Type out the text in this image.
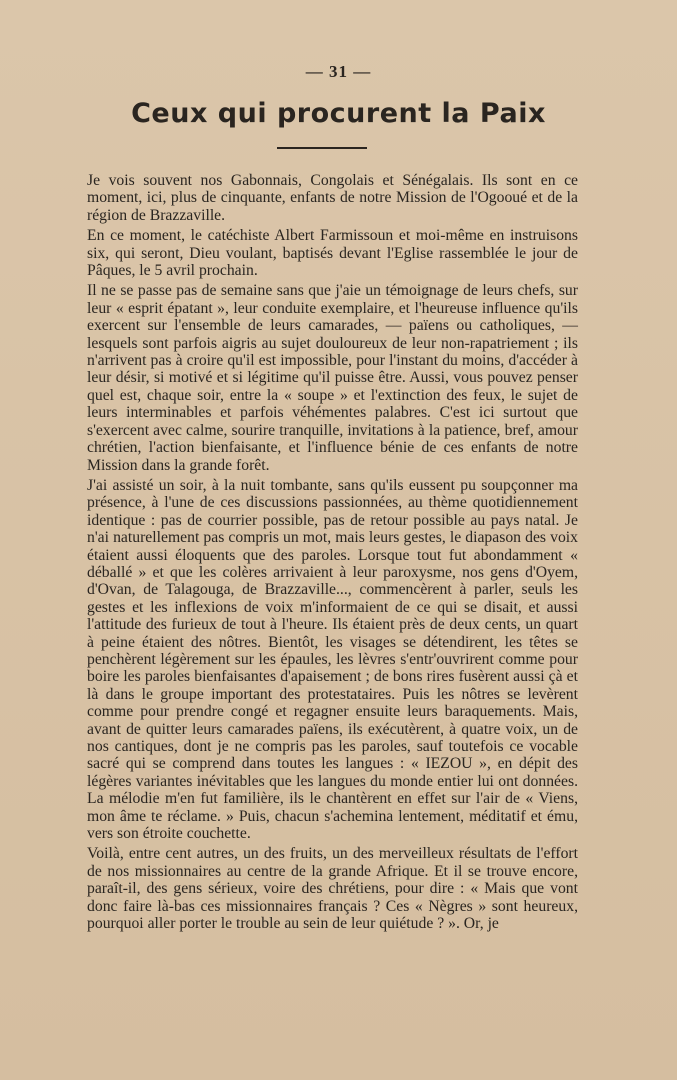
— 31 —
Ceux qui procurent la Paix

Je vois souvent nos Gabonnais, Congolais et Sénégalais. Ils sont en ce moment, ici, plus de cinquante, enfants de notre Mission de l'Ogooué et de la région de Brazzaville.

En ce moment, le catéchiste Albert Farmissoun et moi-même en instruisons six, qui seront, Dieu voulant, baptisés devant l'Eglise rassemblée le jour de Pâques, le 5 avril prochain.

Il ne se passe pas de semaine sans que j'aie un témoignage de leurs chefs, sur leur « esprit épatant », leur conduite exemplaire, et l'heureuse influence qu'ils exercent sur l'ensemble de leurs camarades, — païens ou catholiques, — lesquels sont parfois aigris au sujet douloureux de leur non-rapatriement ; ils n'arrivent pas à croire qu'il est impossible, pour l'instant du moins, d'accéder à leur désir, si motivé et si légitime qu'il puisse être. Aussi, vous pouvez penser quel est, chaque soir, entre la « soupe » et l'extinction des feux, le sujet de leurs interminables et parfois véhémentes palabres. C'est ici surtout que s'exercent avec calme, sourire tranquille, invitations à la patience, bref, amour chrétien, l'action bienfaisante, et l'influence bénie de ces enfants de notre Mission dans la grande forêt.

J'ai assisté un soir, à la nuit tombante, sans qu'ils eussent pu soupçonner ma présence, à l'une de ces discussions passionnées, au thème quotidiennement identique : pas de courrier possible, pas de retour possible au pays natal. Je n'ai naturellement pas compris un mot, mais leurs gestes, le diapason des voix étaient aussi éloquents que des paroles. Lorsque tout fut abondamment « déballé » et que les colères arrivaient à leur paroxysme, nos gens d'Oyem, d'Ovan, de Talagouga, de Brazzaville..., commencèrent à parler, seuls les gestes et les inflexions de voix m'informaient de ce qui se disait, et aussi l'attitude des furieux de tout à l'heure. Ils étaient près de deux cents, un quart à peine étaient des nôtres. Bientôt, les visages se détendirent, les têtes se penchèrent légèrement sur les épaules, les lèvres s'entr'ouvrirent comme pour boire les paroles bienfaisantes d'apaisement ; de bons rires fusèrent aussi çà et là dans le groupe important des protestataires. Puis les nôtres se levèrent comme pour prendre congé et regagner ensuite leurs baraquements. Mais, avant de quitter leurs camarades païens, ils exécutèrent, à quatre voix, un de nos cantiques, dont je ne compris pas les paroles, sauf toutefois ce vocable sacré qui se comprend dans toutes les langues : « IEZOU », en dépit des légères variantes inévitables que les langues du monde entier lui ont données. La mélodie m'en fut familière, ils le chantèrent en effet sur l'air de « Viens, mon âme te réclame. » Puis, chacun s'achemina lentement, méditatif et ému, vers son étroite couchette.

Voilà, entre cent autres, un des fruits, un des merveilleux résultats de l'effort de nos missionnaires au centre de la grande Afrique. Et il se trouve encore, paraît-il, des gens sérieux, voire des chrétiens, pour dire : « Mais que vont donc faire là-bas ces missionnaires français ? Ces « Nègres » sont heureux, pourquoi aller porter le trouble au sein de leur quiétude ? ». Or, je
